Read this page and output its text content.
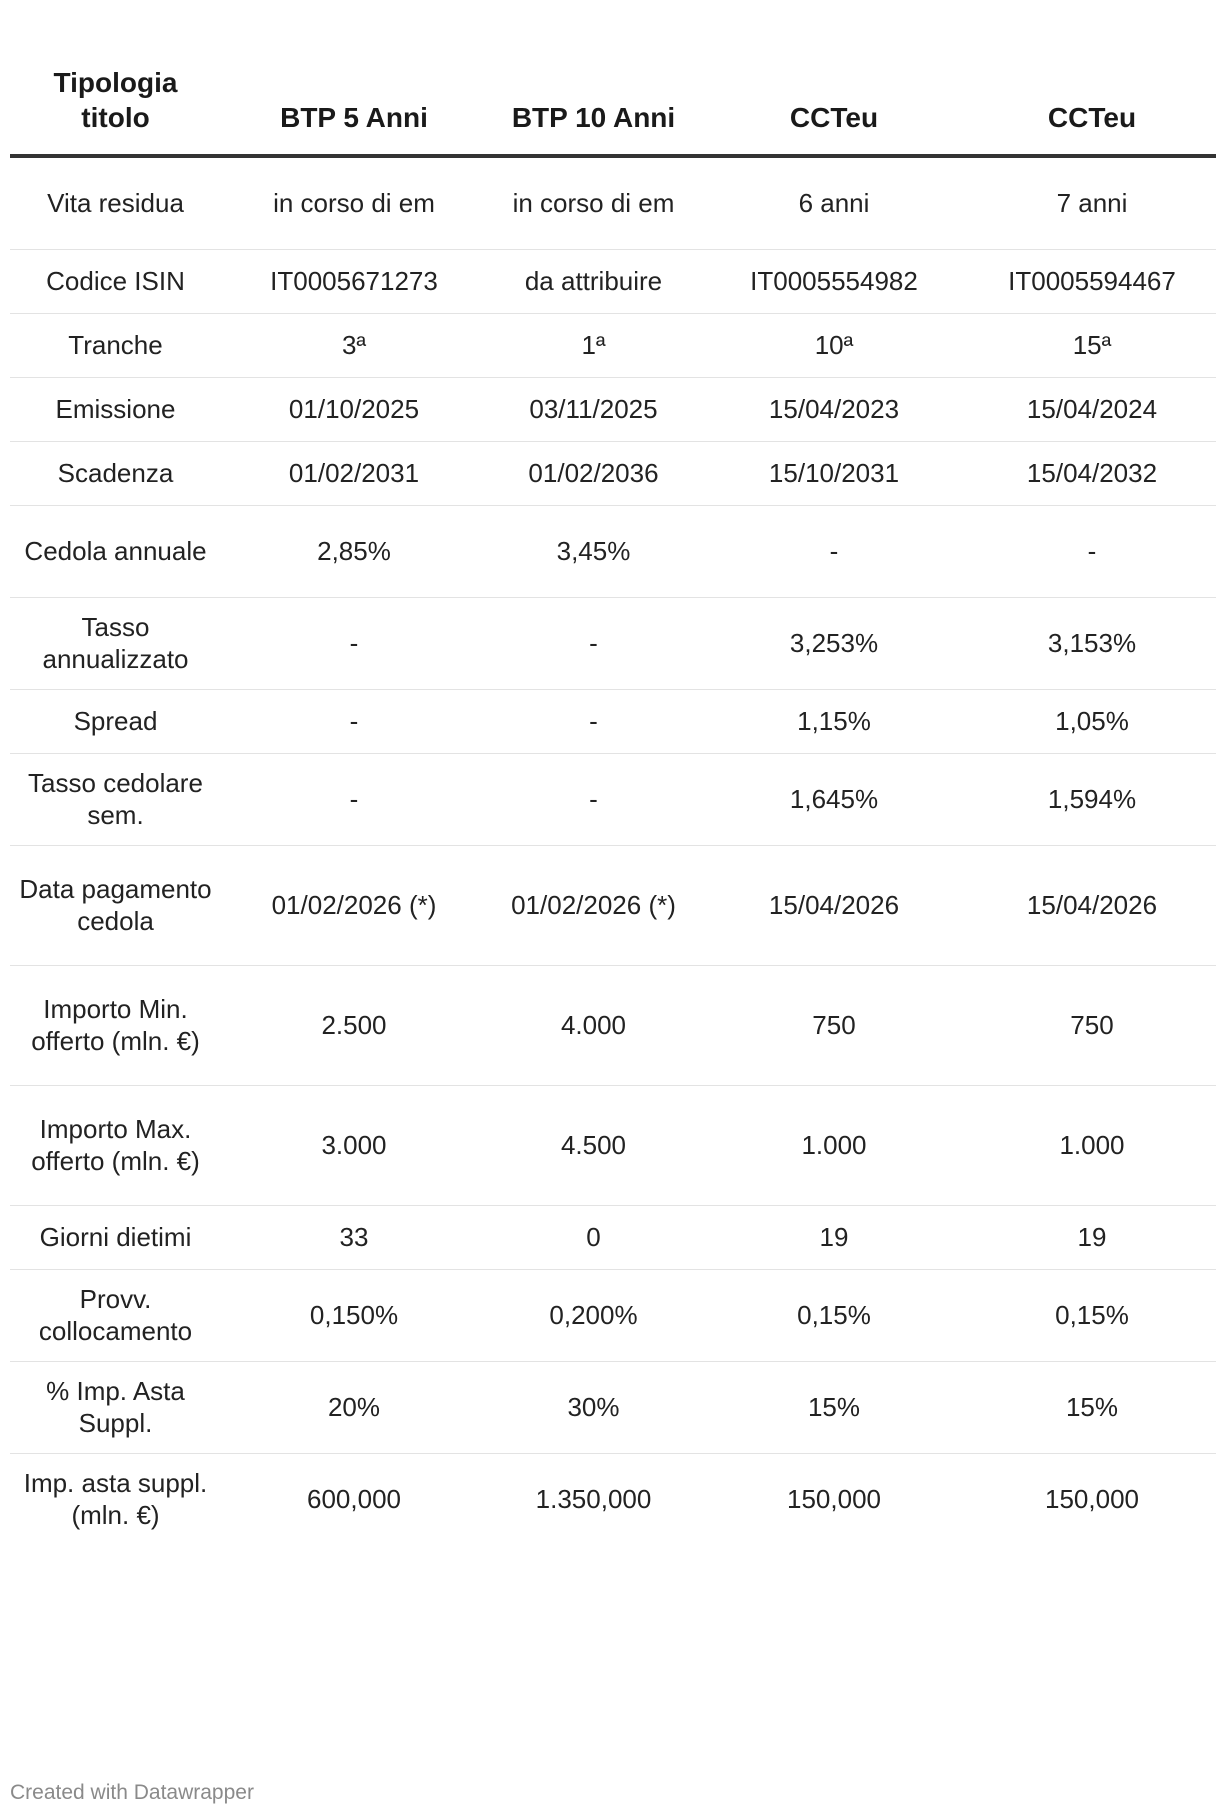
Tipologia titolo	BTP 5 Anni	BTP 10 Anni	CCTeu	CCTeu
Vita residua	in corso di em	in corso di em	6 anni	7 anni
Codice ISIN	IT0005671273	da attribuire	IT0005554982	IT0005594467
Tranche	3ª	1ª	10ª	15ª
Emissione	01/10/2025	03/11/2025	15/04/2023	15/04/2024
Scadenza	01/02/2031	01/02/2036	15/10/2031	15/04/2032
Cedola annuale	2,85%	3,45%	-	-
Tasso annualizzato	-	-	3,253%	3,153%
Spread	-	-	1,15%	1,05%
Tasso cedolare sem.	-	-	1,645%	1,594%
Data pagamento cedola	01/02/2026 (*)	01/02/2026 (*)	15/04/2026	15/04/2026
Importo Min. offerto (mln. €)	2.500	4.000	750	750
Importo Max. offerto (mln. €)	3.000	4.500	1.000	1.000
Giorni dietimi	33	0	19	19
Provv. collocamento	0,150%	0,200%	0,15%	0,15%
% Imp. Asta Suppl.	20%	30%	15%	15%
Imp. asta suppl. (mln. €)	600,000	1.350,000	150,000	150,000
Created with Datawrapper
